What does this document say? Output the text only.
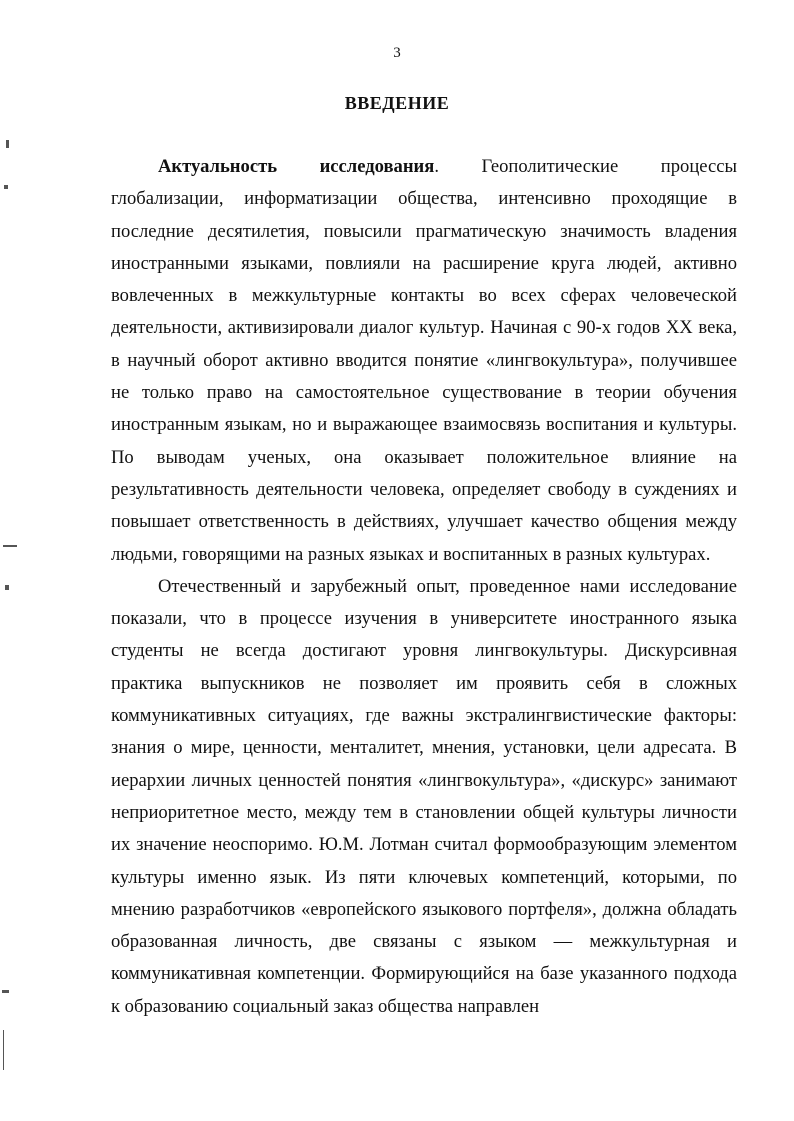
3
ВВЕДЕНИЕ

Актуальность исследования. Геополитические процессы глобализации, информатизации общества, интенсивно проходящие в последние десятилетия, повысили прагматическую значимость владения иностранными языками, повлияли на расширение круга людей, активно вовлеченных в межкультурные контакты во всех сферах человеческой деятельности, активизировали диалог культур. Начиная с 90-х годов XX века, в научный оборот активно вводится понятие «лингвокультура», получившее не только право на самостоятельное существование в теории обучения иностранным языкам, но и выражающее взаимосвязь воспитания и культуры. По выводам ученых, она оказывает положительное влияние на результативность деятельности человека, определяет свободу в суждениях и повышает ответственность в действиях, улучшает качество общения между людьми, говорящими на разных языках и воспитанных в разных культурах.

Отечественный и зарубежный опыт, проведенное нами исследование показали, что в процессе изучения в университете иностранного языка студенты не всегда достигают уровня лингвокультуры. Дискурсивная практика выпускников не позволяет им проявить себя в сложных коммуникативных ситуациях, где важны экстралингвистические факторы: знания о мире, ценности, менталитет, мнения, установки, цели адресата. В иерархии личных ценностей понятия «лингвокультура», «дискурс» занимают неприоритетное место, между тем в становлении общей культуры личности их значение неоспоримо. Ю.М. Лотман считал формообразующим элементом культуры именно язык. Из пяти ключевых компетенций, которыми, по мнению разработчиков «европейского языкового портфеля», должна обладать образованная личность, две связаны с языком — межкультурная и коммуникативная компетенции. Формирующийся на базе указанного подхода к образованию социальный заказ общества направлен
